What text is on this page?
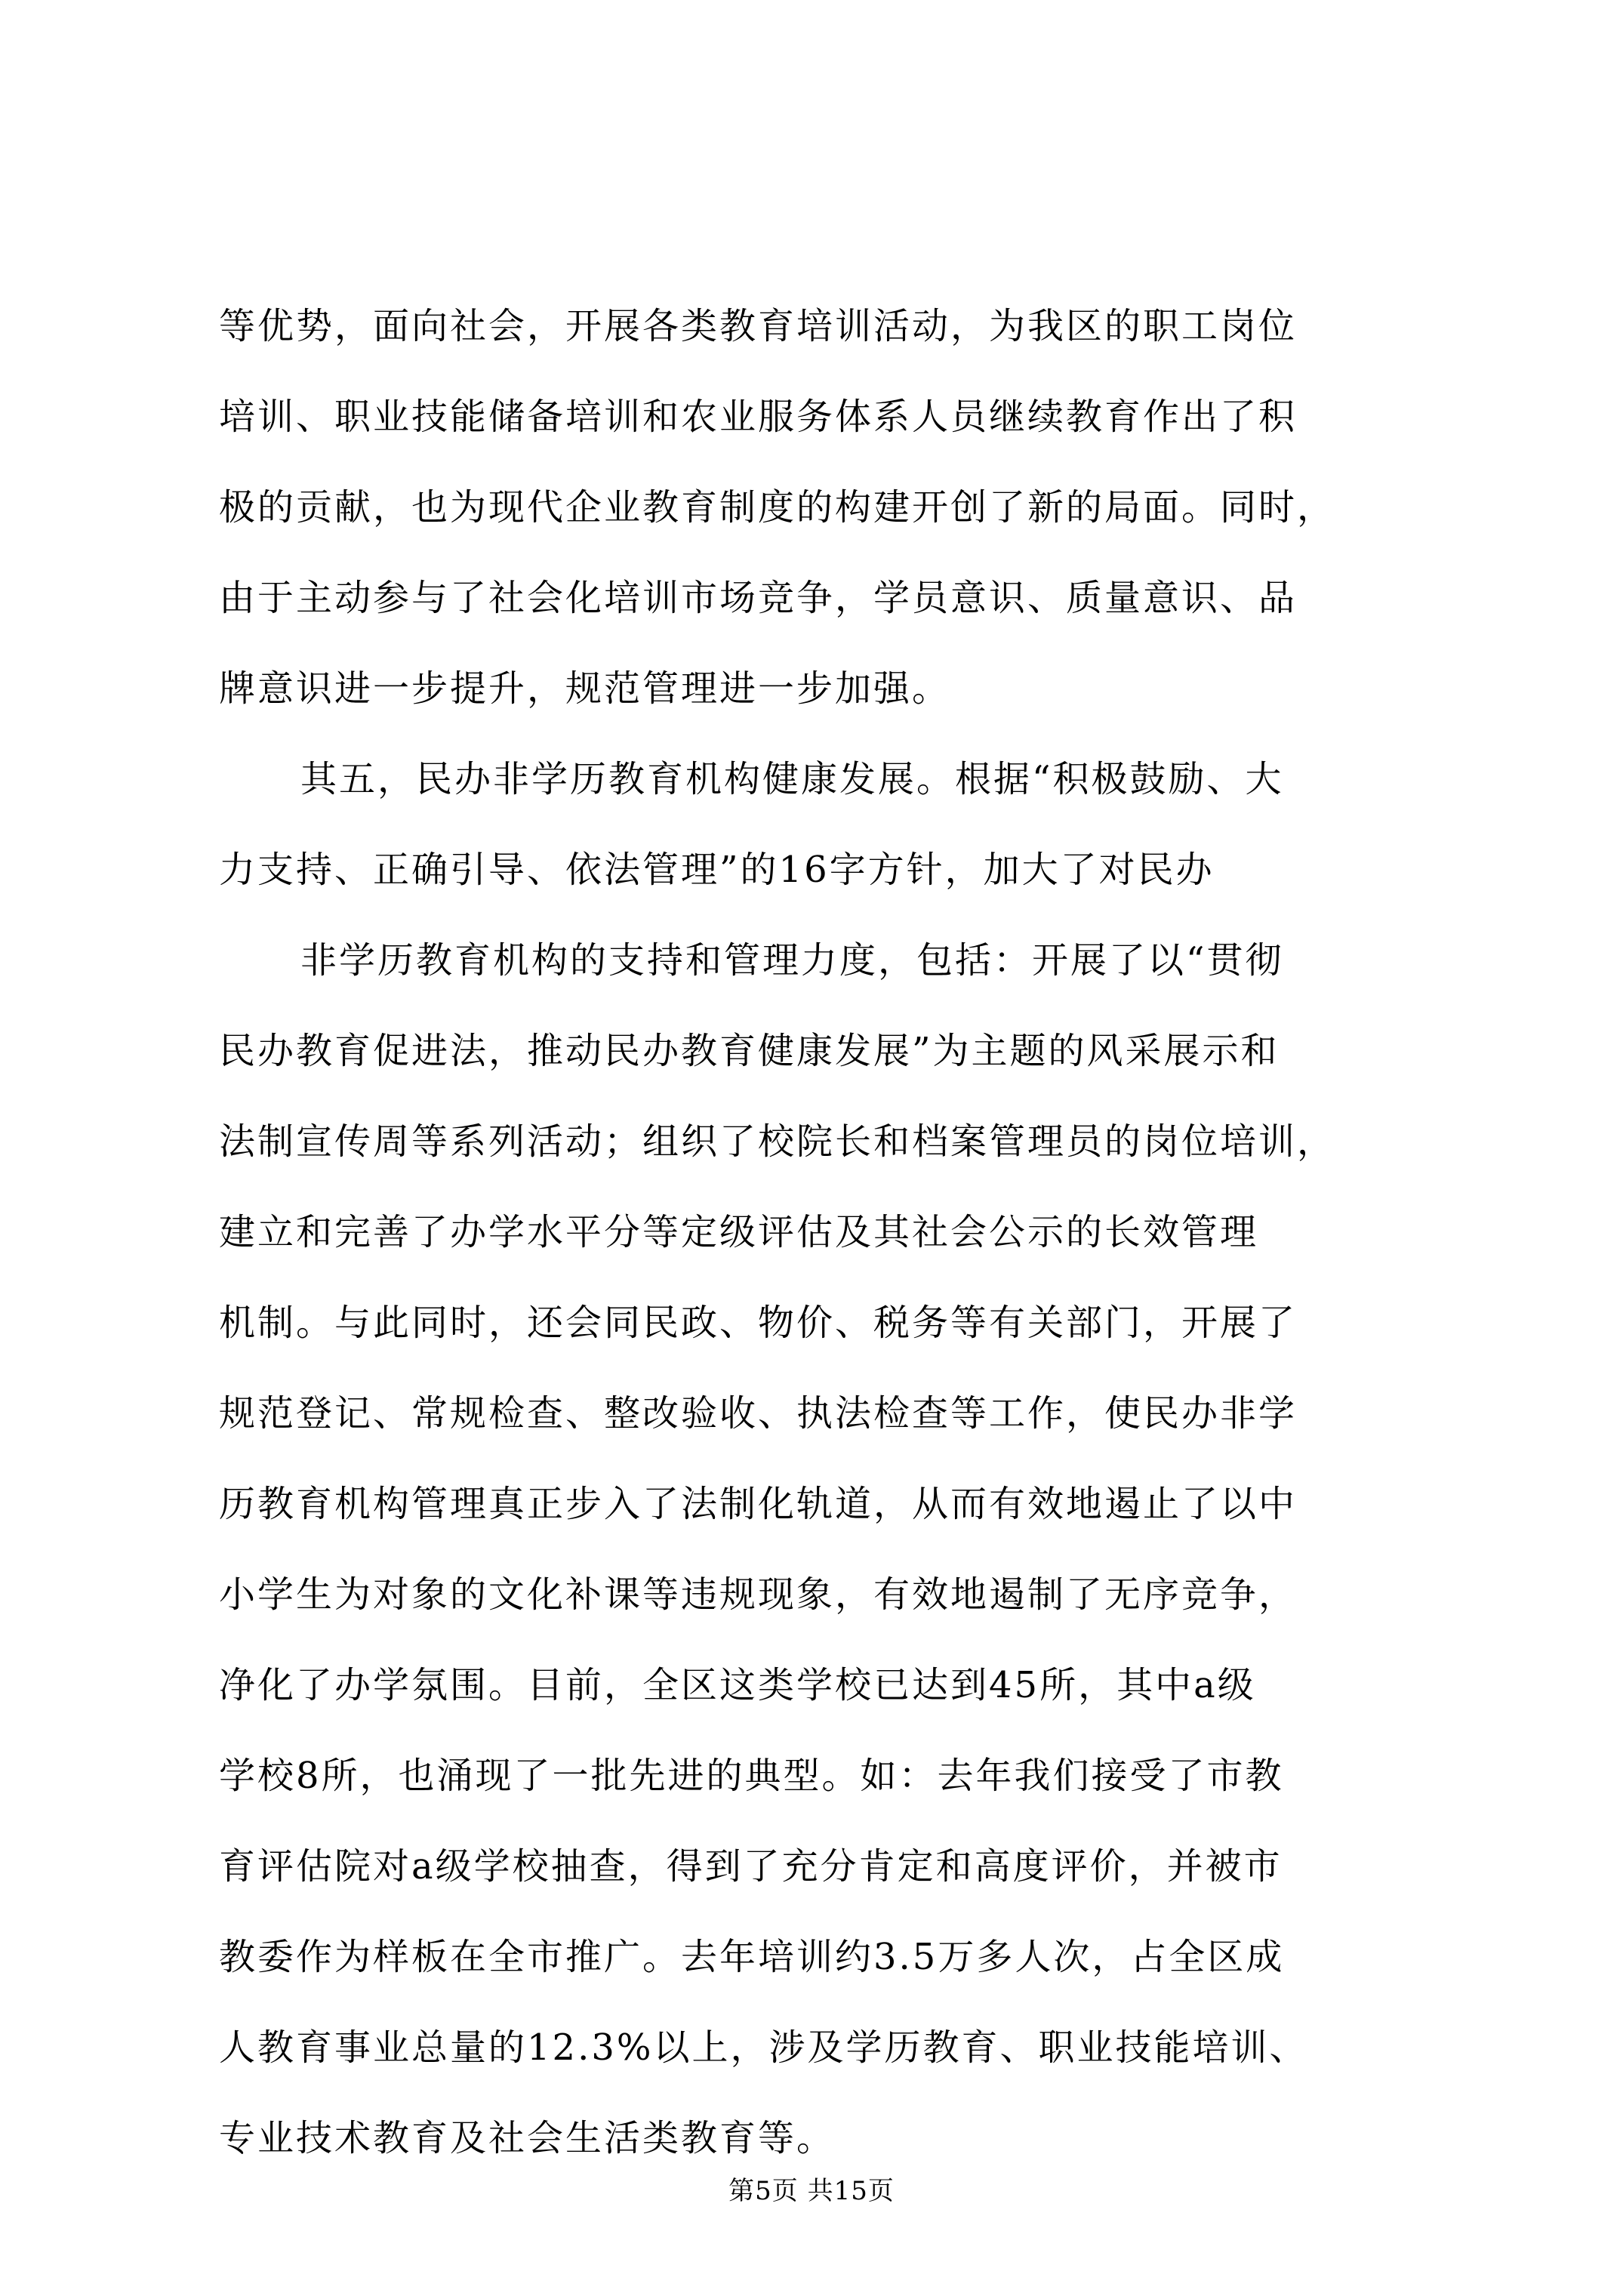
等优势，面向社会，开展各类教育培训活动，为我区的职工岗位
培训、职业技能储备培训和农业服务体系人员继续教育作出了积
极的贡献，也为现代企业教育制度的构建开创了新的局面。同时，
由于主动参与了社会化培训市场竞争，学员意识、质量意识、品
牌意识进一步提升，规范管理进一步加强。
其五，民办非学历教育机构健康发展。根据“积极鼓励、大
力支持、正确引导、依法管理”的16字方针，加大了对民办
非学历教育机构的支持和管理力度，包括：开展了以“贯彻
民办教育促进法，推动民办教育健康发展”为主题的风采展示和
法制宣传周等系列活动；组织了校院长和档案管理员的岗位培训，
建立和完善了办学水平分等定级评估及其社会公示的长效管理
机制。与此同时，还会同民政、物价、税务等有关部门，开展了
规范登记、常规检查、整改验收、执法检查等工作，使民办非学
历教育机构管理真正步入了法制化轨道，从而有效地遏止了以中
小学生为对象的文化补课等违规现象，有效地遏制了无序竞争，
净化了办学氛围。目前，全区这类学校已达到45所，其中a级
学校8所，也涌现了一批先进的典型。如：去年我们接受了市教
育评估院对a级学校抽查，得到了充分肯定和高度评价，并被市
教委作为样板在全市推广。去年培训约3.5万多人次，占全区成
人教育事业总量的12.3%以上，涉及学历教育、职业技能培训、
专业技术教育及社会生活类教育等。
第5页 共15页
